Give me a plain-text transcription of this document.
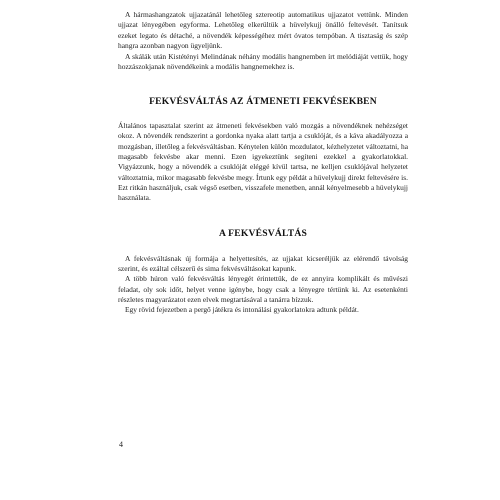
A hármashangzatok ujjazatánál lehetőleg sztereotip automatikus ujjazatot vettünk. Minden ujjazat lényegében egyforma. Lehetőleg elkerültük a hüvelykujj önálló feltevését. Tanítsuk ezeket legato és détaché, a növendék képességéhez mért óvatos tempóban. A tisztaság és szép hangra azonban nagyon ügyeljünk.

A skálák után Kistétényi Melindának néhány modális hangnemben írt melódiáját vettük, hogy hozzászokjanak növendékeink a modális hangnemekhez is.

FEKVÉSVÁLTÁS AZ ÁTMENETI FEKVÉSEKBEN

Általános tapasztalat szerint az átmeneti fekvésekben való mozgás a növendéknek nehézséget okoz. A növendék rendszerint a gordonka nyaka alatt tartja a csuklóját, és a káva akadályozza a mozgásban, illetőleg a fekvésváltásban. Kénytelen külön mozdulatot, kézhelyzetet változtatni, ha magasabb fekvésbe akar menni. Ezen igyekeztünk segíteni ezekkel a gyakorlatokkal. Vigyázzunk, hogy a növendék a csuklóját eléggé kívül tartsa, ne kelljen csuklójával helyzetet változtatnia, mikor magasabb fekvésbe megy. Írtunk egy példát a hüvelykujj direkt feltevésére is. Ezt ritkán használjuk, csak végső esetben, visszafele menetben, annál kényelmesebb a hüvelykujj használata.

A FEKVÉSVÁLTÁS

A fekvésváltásnak új formája a helyettesítés, az ujjakat kicseréljük az elérendő távolság szerint, és ezáltal célszerű és sima fekvésváltásokat kapunk.

A több húron való fekvésváltás lényegét érintettük, de ez annyira komplikált és művészi feladat, oly sok időt, helyet venne igénybe, hogy csak a lényegre tértünk ki. Az esetenkénti részletes magyarázatot ezen elvek megtartásával a tanárra bízzuk.

Egy rövid fejezetben a pergő játékra és intonálási gyakorlatokra adtunk példát.

4
